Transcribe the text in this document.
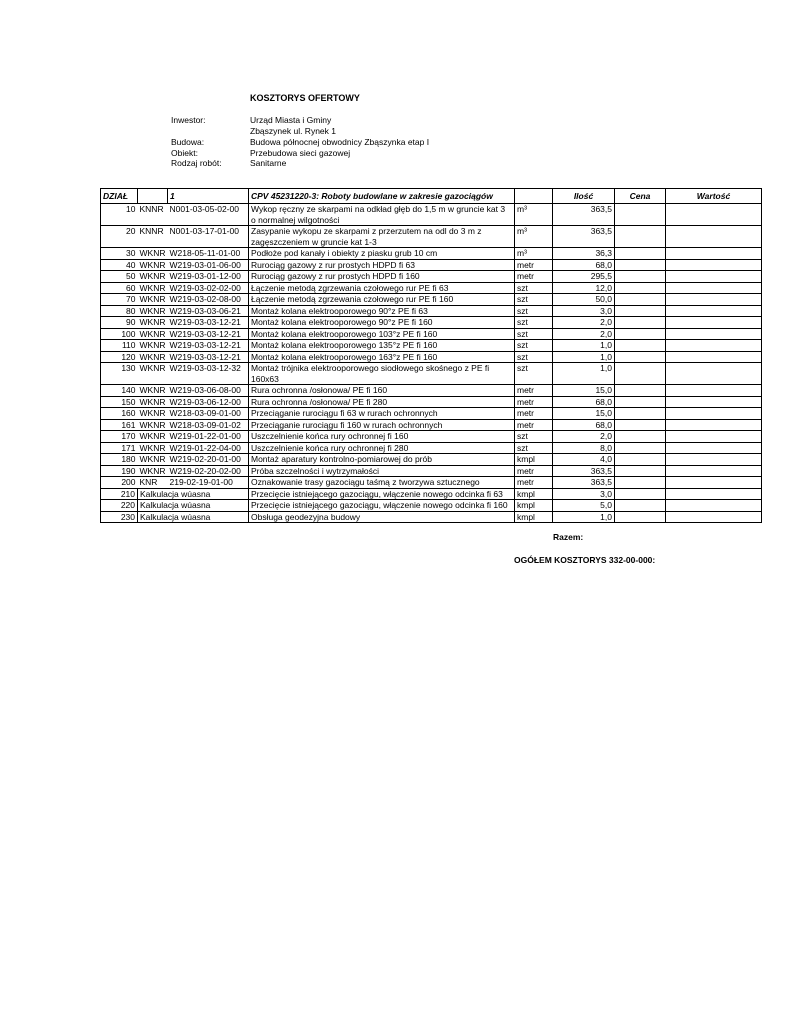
KOSZTORYS OFERTOWY
Inwestor:	Urząd Miasta i Gminy
Zbąszynek ul. Rynek 1
Budowa:	Budowa północnej obwodnicy Zbąszynka etap I
Obiekt:	Przebudowa sieci gazowej
Rodzaj robót:	Sanitarne
DZIAŁ		1	CPV 45231220-3: Roboty budowlane w zakresie gazociągów		Ilość	Cena	Wartość
10	KNNR	N001-03-05-02-00	Wykop ręczny ze skarpami na odkład głęb do 1,5 m w gruncie kat 3 o normalnej wilgotności	m³	363,5		
20	KNNR	N001-03-17-01-00	Zasypanie wykopu ze skarpami z przerzutem na odl do 3 m z zagęszczeniem w gruncie kat 1-3	m³	363,5		
30	WKNR	W218-05-11-01-00	Podłoże pod kanały i obiekty z piasku grub 10 cm	m³	36,3		
40	WKNR	W219-03-01-06-00	Rurociąg gazowy z rur prostych HDPD fi 63	metr	68,0		
50	WKNR	W219-03-01-12-00	Rurociąg gazowy z rur prostych HDPD fi 160	metr	295,5		
60	WKNR	W219-03-02-02-00	Łączenie metodą zgrzewania czołowego rur PE fi 63	szt	12,0		
70	WKNR	W219-03-02-08-00	Łączenie metodą zgrzewania czołowego rur PE fi 160	szt	50,0		
80	WKNR	W219-03-03-06-21	Montaż kolana elektrooporowego 90°z PE fi 63	szt	3,0		
90	WKNR	W219-03-03-12-21	Montaż kolana elektrooporowego 90°z PE fi 160	szt	2,0		
100	WKNR	W219-03-03-12-21	Montaż kolana elektrooporowego 103°z PE fi 160	szt	2,0		
110	WKNR	W219-03-03-12-21	Montaż kolana elektrooporowego 135°z PE fi 160	szt	1,0		
120	WKNR	W219-03-03-12-21	Montaż kolana elektrooporowego 163°z PE fi 160	szt	1,0		
130	WKNR	W219-03-03-12-32	Montaż trójnika elektrooporowego siodłowego skośnego z PE fi 160x63	szt	1,0		
140	WKNR	W219-03-06-08-00	Rura ochronna /osłonowa/ PE fi 160	metr	15,0		
150	WKNR	W219-03-06-12-00	Rura ochronna /osłonowa/ PE fi 280	metr	68,0		
160	WKNR	W218-03-09-01-00	Przeciąganie rurociągu fi 63 w rurach ochronnych	metr	15,0		
161	WKNR	W218-03-09-01-02	Przeciąganie rurociągu fi 160 w rurach ochronnych	metr	68,0		
170	WKNR	W219-01-22-01-00	Uszczelnienie końca rury ochronnej fi 160	szt	2,0		
171	WKNR	W219-01-22-04-00	Uszczelnienie końca rury ochronnej fi 280	szt	8,0		
180	WKNR	W219-02-20-01-00	Montaż aparatury kontrolno-pomiarowej do prób	kmpl	4,0		
190	WKNR	W219-02-20-02-00	Próba szczelności i wytrzymałości	metr	363,5		
200	KNR	219-02-19-01-00	Oznakowanie trasy gazociągu taśmą z tworzywa sztucznego	metr	363,5		
210	Kalkulacja wúasna		Przecięcie istniejącego gazociągu, włączenie nowego odcinka fi 63	kmpl	3,0		
220	Kalkulacja wúasna		Przecięcie istniejącego gazociągu, włączenie nowego odcinka fi 160	kmpl	5,0		
230	Kalkulacja wúasna		Obsługa geodezyjna budowy	kmpl	1,0		
Razem:
OGÓŁEM KOSZTORYS 332-00-000:
